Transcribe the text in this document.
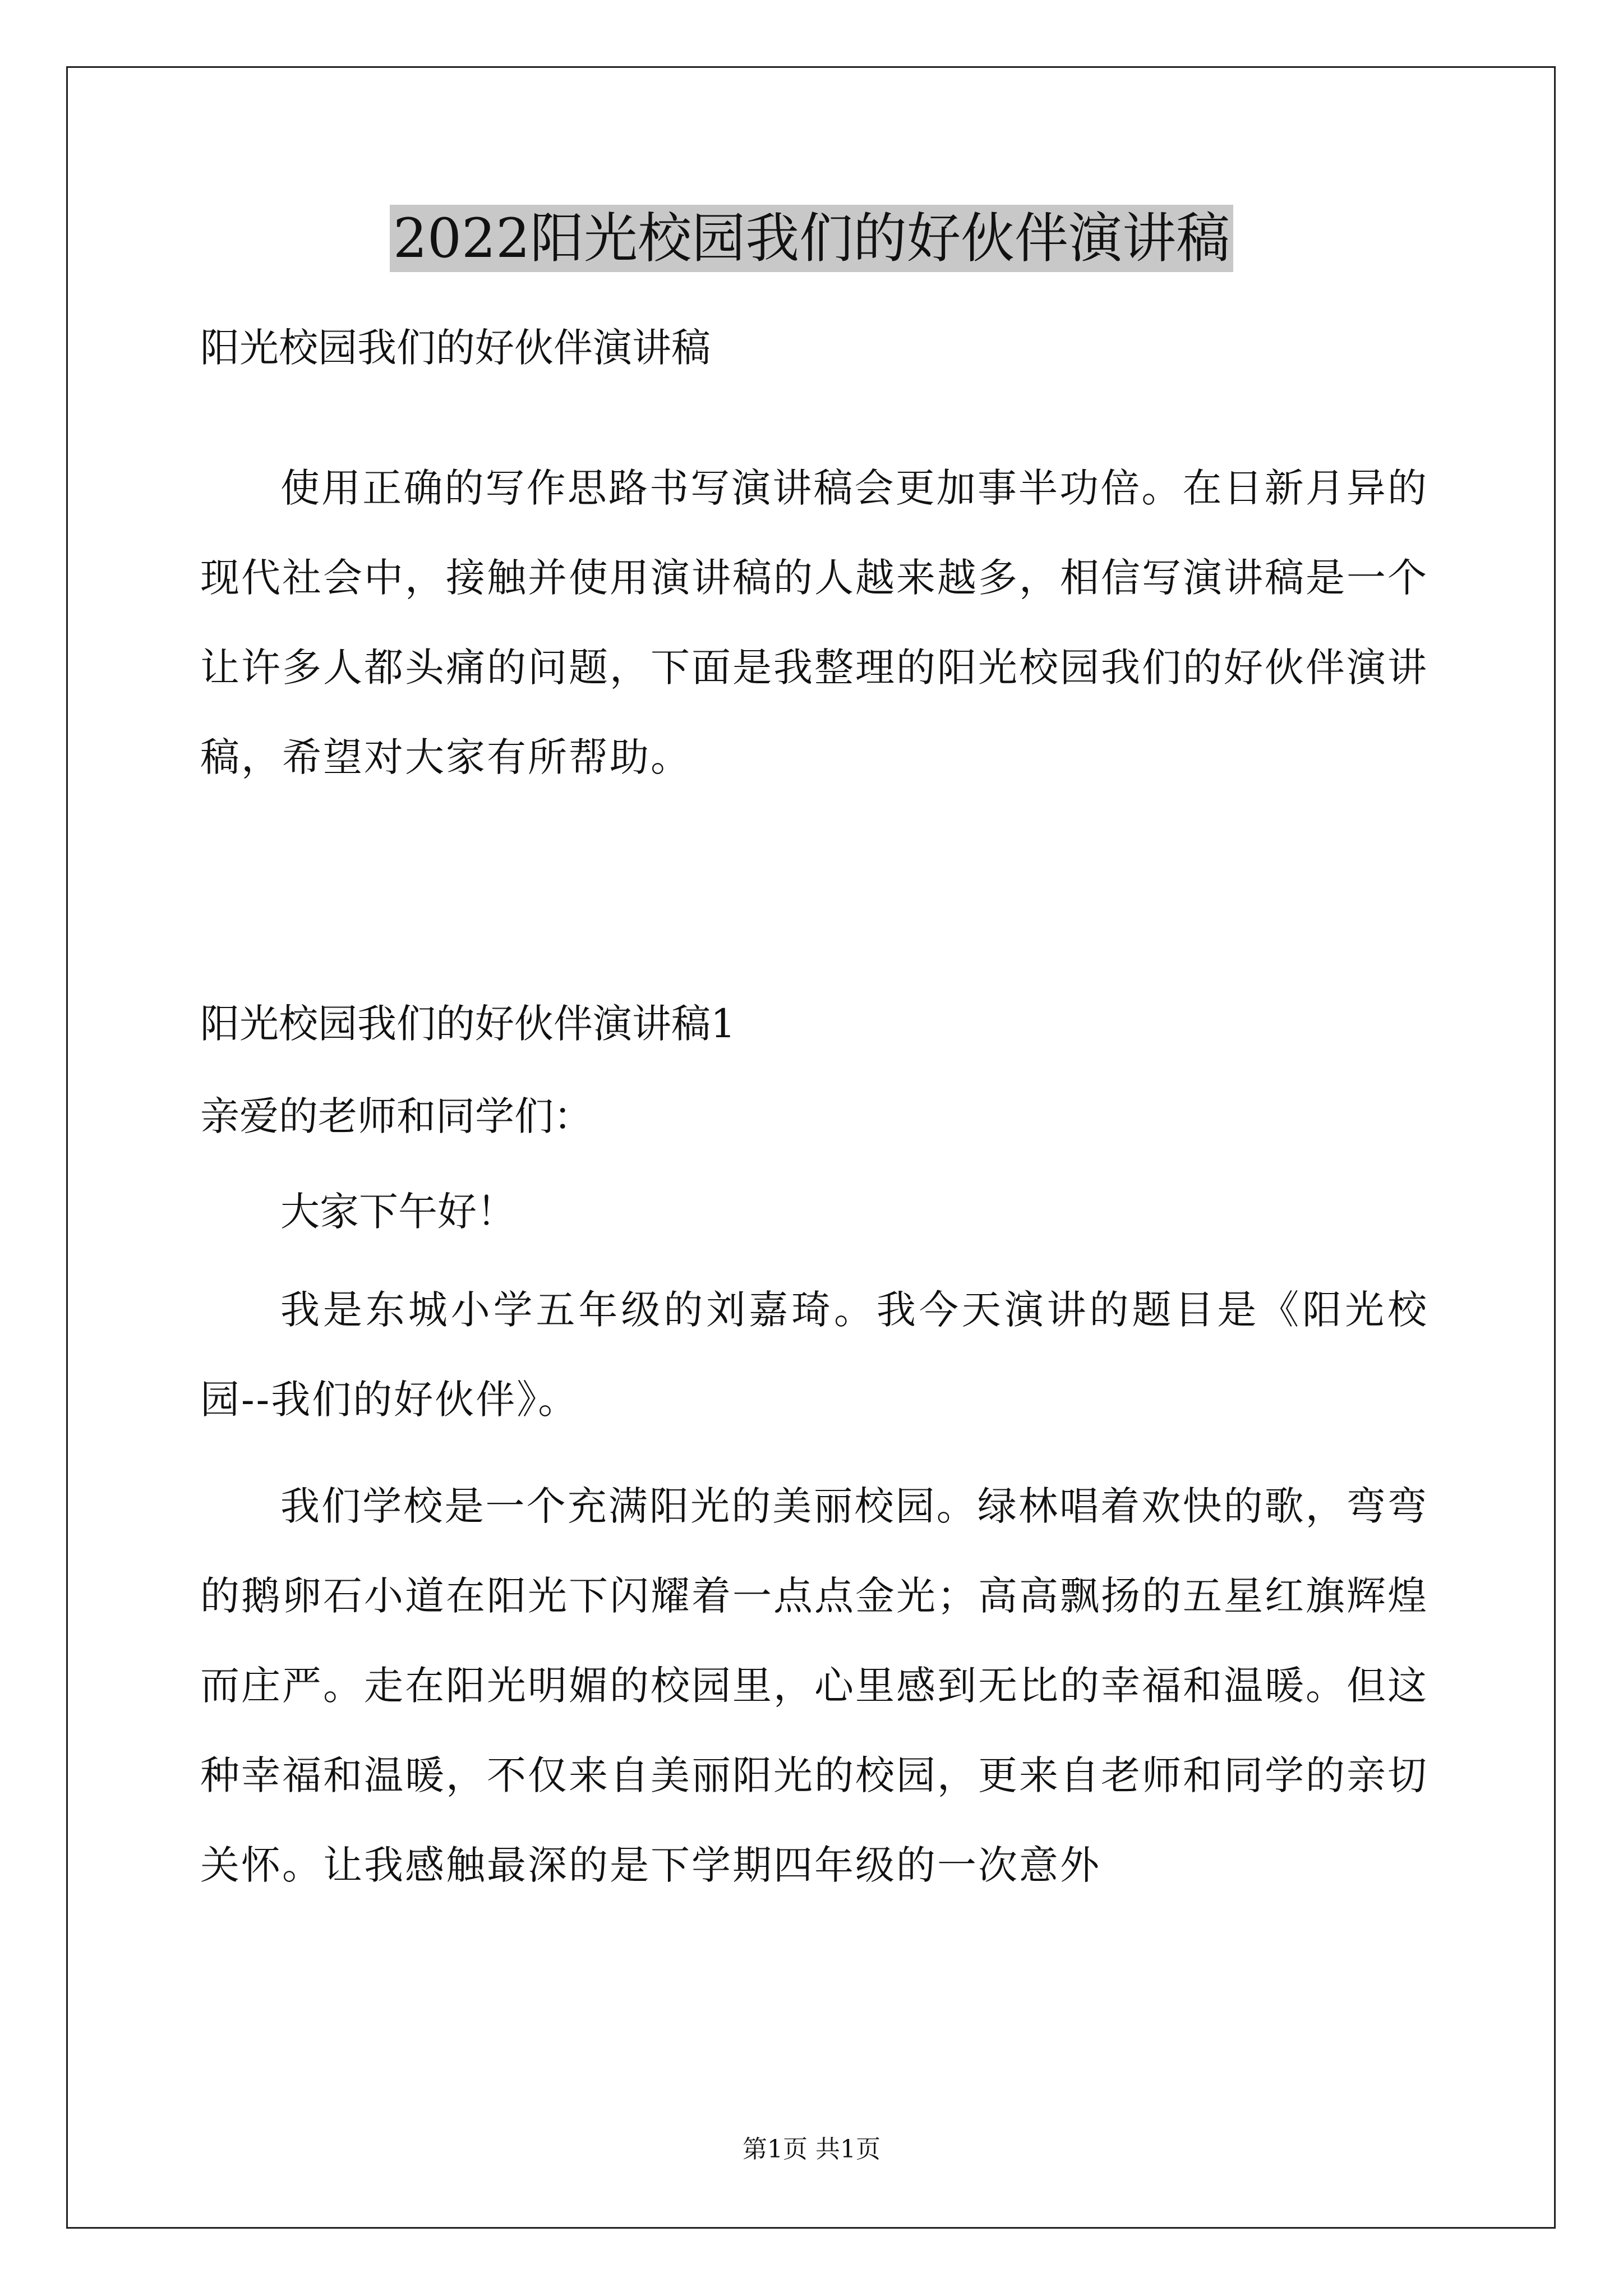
2022阳光校园我们的好伙伴演讲稿

阳光校园我们的好伙伴演讲稿

使用正确的写作思路书写演讲稿会更加事半功倍。在日新月异的现代社会中，接触并使用演讲稿的人越来越多，相信写演讲稿是一个让许多人都头痛的问题，下面是我整理的阳光校园我们的好伙伴演讲稿，希望对大家有所帮助。

阳光校园我们的好伙伴演讲稿1

亲爱的老师和同学们：

大家下午好！

我是东城小学五年级的刘嘉琦。我今天演讲的题目是《阳光校园--我们的好伙伴》。

我们学校是一个充满阳光的美丽校园。绿林唱着欢快的歌，弯弯的鹅卵石小道在阳光下闪耀着一点点金光；高高飘扬的五星红旗辉煌而庄严。走在阳光明媚的校园里，心里感到无比的幸福和温暖。但这种幸福和温暖，不仅来自美丽阳光的校园，更来自老师和同学的亲切关怀。让我感触最深的是下学期四年级的一次意外

第1页 共1页
